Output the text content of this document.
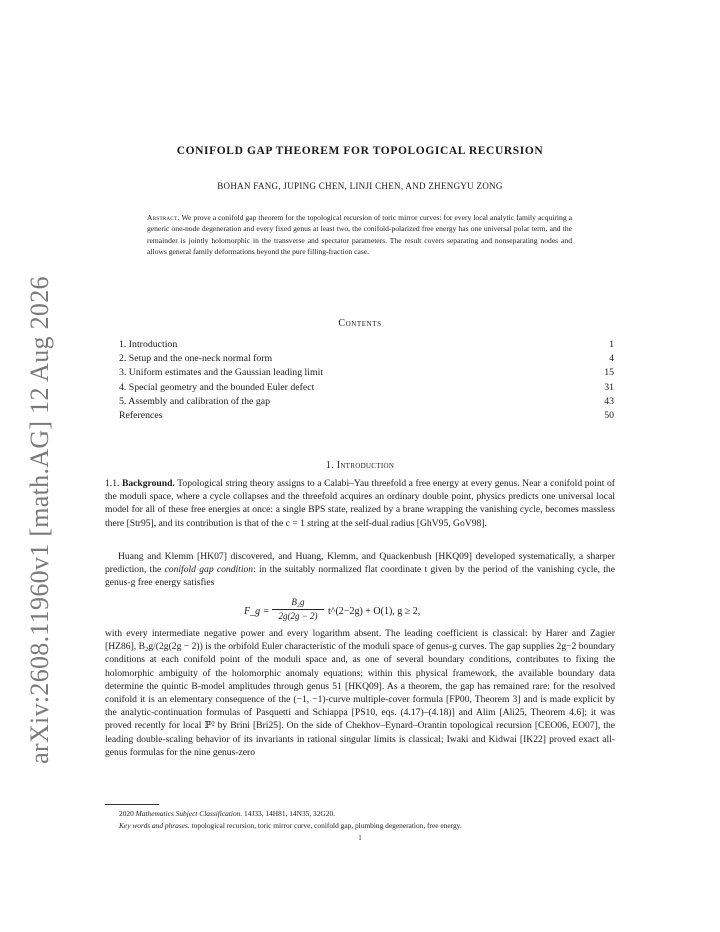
arXiv:2608.11960v1 [math.AG] 12 Aug 2026
CONIFOLD GAP THEOREM FOR TOPOLOGICAL RECURSION
BOHAN FANG, JUPING CHEN, LINJI CHEN, AND ZHENGYU ZONG
Abstract. We prove a conifold gap theorem for the topological recursion of toric mirror curves: for every local analytic family acquiring a generic one-node degeneration and every fixed genus at least two, the conifold-polarized free energy has one universal polar term, and the remainder is jointly holomorphic in the transverse and spectator parameters. The result covers separating and nonseparating nodes and allows general family deformations beyond the pure filling-fraction case.
Contents
1. Introduction	1
2. Setup and the one-neck normal form	4
3. Uniform estimates and the Gaussian leading limit	15
4. Special geometry and the bounded Euler defect	31
5. Assembly and calibration of the gap	43
References	50
1. Introduction
1.1. Background. Topological string theory assigns to a Calabi–Yau threefold a free energy at every genus. Near a conifold point of the moduli space, where a cycle collapses and the threefold acquires an ordinary double point, physics predicts one universal local model for all of these free energies at once: a single BPS state, realized by a brane wrapping the vanishing cycle, becomes massless there [Str95], and its contribution is that of the c = 1 string at the self-dual radius [GhV95, GoV98].
Huang and Klemm [HK07] discovered, and Huang, Klemm, and Quackenbush [HKQ09] developed systematically, a sharper prediction, the conifold gap condition: in the suitably normalized flat coordinate t given by the period of the vanishing cycle, the genus-g free energy satisfies
F_g =
B₂g
2g(2g − 2)	t^(2−2g) + O(1), g ≥ 2,
with every intermediate negative power and every logarithm absent. The leading coefficient is classical: by Harer and Zagier [HZ86], B₂g/(2g(2g − 2)) is the orbifold Euler characteristic of the moduli space of genus-g curves. The gap supplies 2g−2 boundary conditions at each conifold point of the moduli space and, as one of several boundary conditions, contributes to fixing the holomorphic ambiguity of the holomorphic anomaly equations; within this physical framework, the available boundary data determine the quintic B-model amplitudes through genus 51 [HKQ09]. As a theorem, the gap has remained rare: for the resolved conifold it is an elementary consequence of the (−1, −1)-curve multiple-cover formula [FP00, Theorem 3] and is made explicit by the analytic-continuation formulas of Pasquetti and Schiappa [PS10, eqs. (4.17)–(4.18)] and Alim [Ali25, Theorem 4.6]; it was proved recently for local ℙ² by Brini [Bri25]. On the side of Chekhov–Eynard–Orantin topological recursion [CEO06, EO07], the leading double-scaling behavior of its invariants in rational singular limits is classical; Iwaki and Kidwai [IK22] proved exact all-genus formulas for the nine genus-zero
2020 Mathematics Subject Classification. 14J33, 14H81, 14N35, 32G20.
Key words and phrases. topological recursion, toric mirror curve, conifold gap, plumbing degeneration, free energy.
1
